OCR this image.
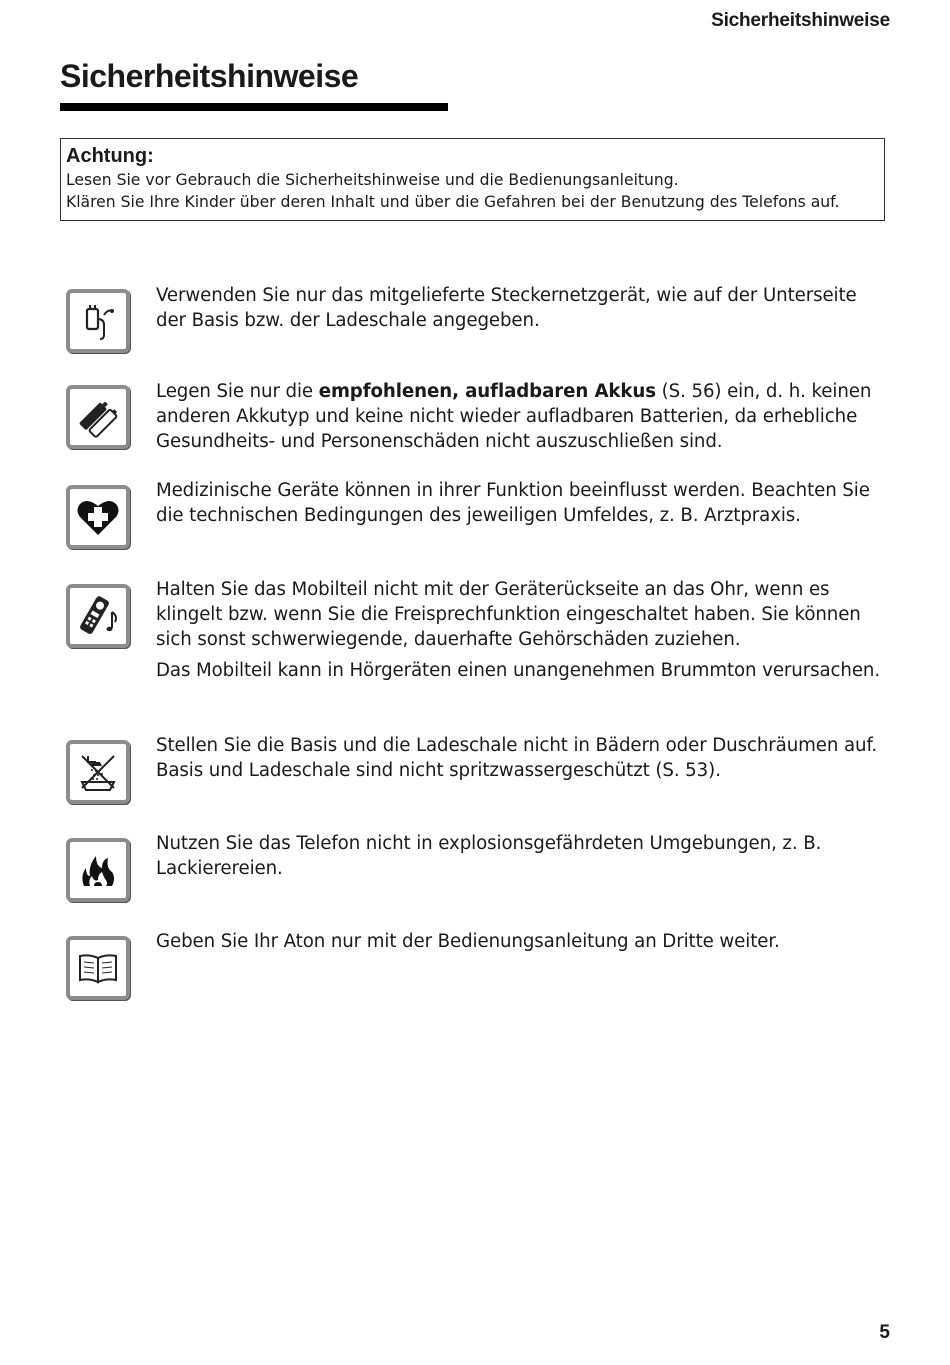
Sicherheitshinweise
Sicherheitshinweise
Achtung:
Lesen Sie vor Gebrauch die Sicherheitshinweise und die Bedienungsanleitung.
Klären Sie Ihre Kinder über deren Inhalt und über die Gefahren bei der Benutzung des Telefons auf.

Verwenden Sie nur das mitgelieferte Steckernetzgerät, wie auf der Unterseite der Basis bzw. der Ladeschale angegeben.

Legen Sie nur die empfohlenen, aufladbaren Akkus (S. 56) ein, d. h. keinen anderen Akkutyp und keine nicht wieder aufladbaren Batterien, da erhebliche Gesundheits- und Personenschäden nicht auszuschließen sind.

Medizinische Geräte können in ihrer Funktion beeinflusst werden. Beachten Sie die technischen Bedingungen des jeweiligen Umfeldes, z. B. Arztpraxis.

Halten Sie das Mobilteil nicht mit der Geräterückseite an das Ohr, wenn es klingelt bzw. wenn Sie die Freisprechfunktion eingeschaltet haben. Sie können sich sonst schwerwiegende, dauerhafte Gehörschäden zuziehen.

Das Mobilteil kann in Hörgeräten einen unangenehmen Brummton verursachen.

Stellen Sie die Basis und die Ladeschale nicht in Bädern oder Duschräumen auf. Basis und Ladeschale sind nicht spritzwassergeschützt (S. 53).

Nutzen Sie das Telefon nicht in explosionsgefährdeten Umgebungen, z. B. Lackierereien.

Geben Sie Ihr Aton nur mit der Bedienungsanleitung an Dritte weiter.

5
